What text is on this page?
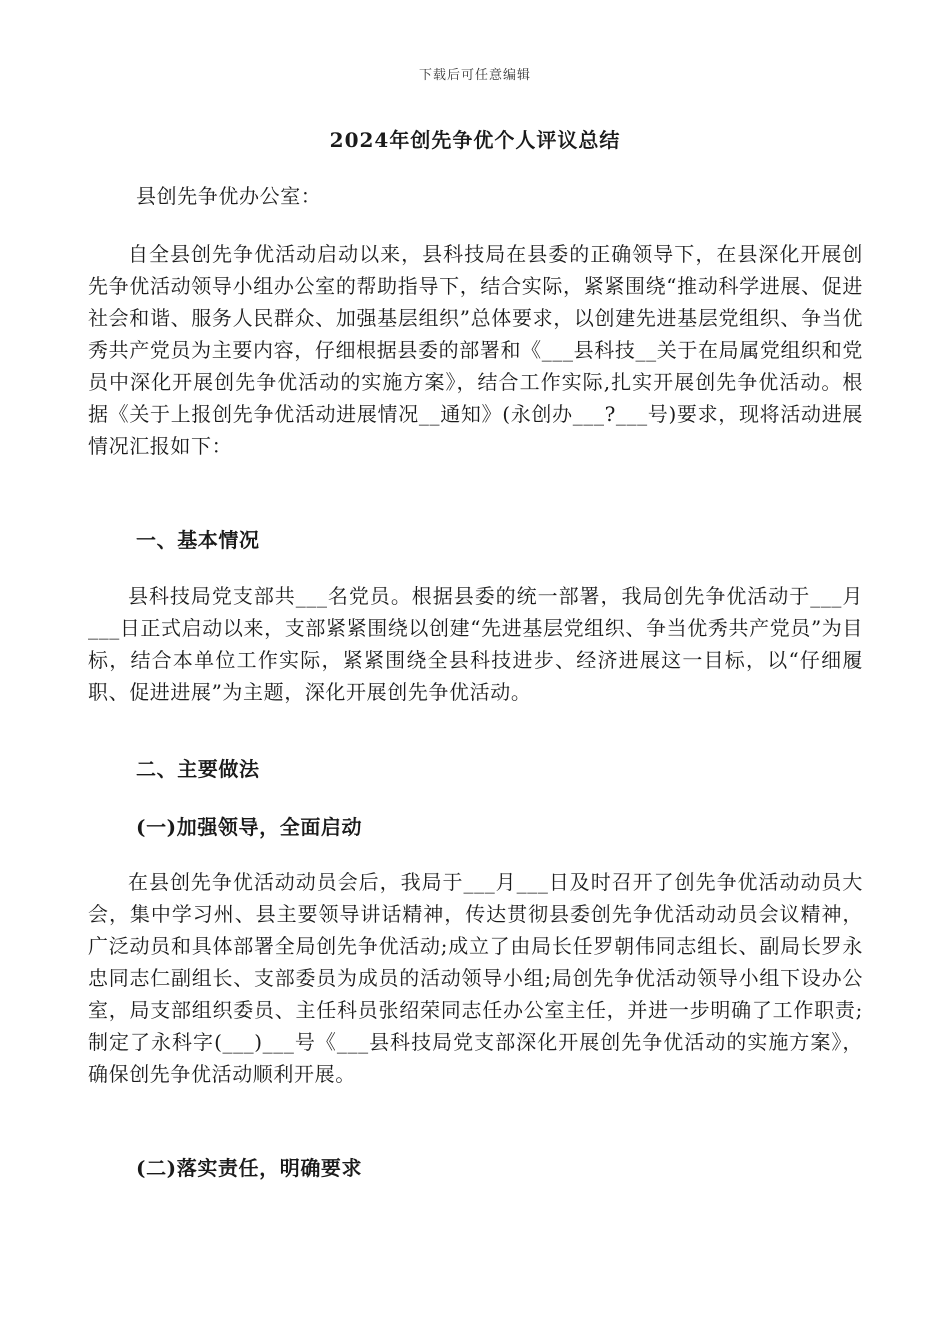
下载后可任意编辑
2024年创先争优个人评议总结
县创先争优办公室：

自全县创先争优活动启动以来，县科技局在县委的正确领导下，在县深化开展创先争优活动领导小组办公室的帮助指导下，结合实际，紧紧围绕“推动科学进展、促进社会和谐、服务人民群众、加强基层组织”总体要求，以创建先进基层党组织、争当优秀共产党员为主要内容，仔细根据县委的部署和《___县科技__关于在局属党组织和党员中深化开展创先争优活动的实施方案》，结合工作实际,扎实开展创先争优活动。根据《关于上报创先争优活动进展情况__通知》(永创办___?___号)要求，现将活动进展情况汇报如下：

一、基本情况

县科技局党支部共___名党员。根据县委的统一部署，我局创先争优活动于___月___日正式启动以来，支部紧紧围绕以创建“先进基层党组织、争当优秀共产党员”为目标，结合本单位工作实际，紧紧围绕全县科技进步、经济进展这一目标，以“仔细履职、促进进展”为主题，深化开展创先争优活动。

二、主要做法
(一)加强领导，全面启动

在县创先争优活动动员会后，我局于___月___日及时召开了创先争优活动动员大会，集中学习州、县主要领导讲话精神，传达贯彻县委创先争优活动动员会议精神，广泛动员和具体部署全局创先争优活动;成立了由局长任罗朝伟同志组长、副局长罗永忠同志仁副组长、支部委员为成员的活动领导小组;局创先争优活动领导小组下设办公室，局支部组织委员、主任科员张绍荣同志任办公室主任，并进一步明确了工作职责;制定了永科字(___)___号《___县科技局党支部深化开展创先争优活动的实施方案》，确保创先争优活动顺利开展。

(二)落实责任，明确要求
